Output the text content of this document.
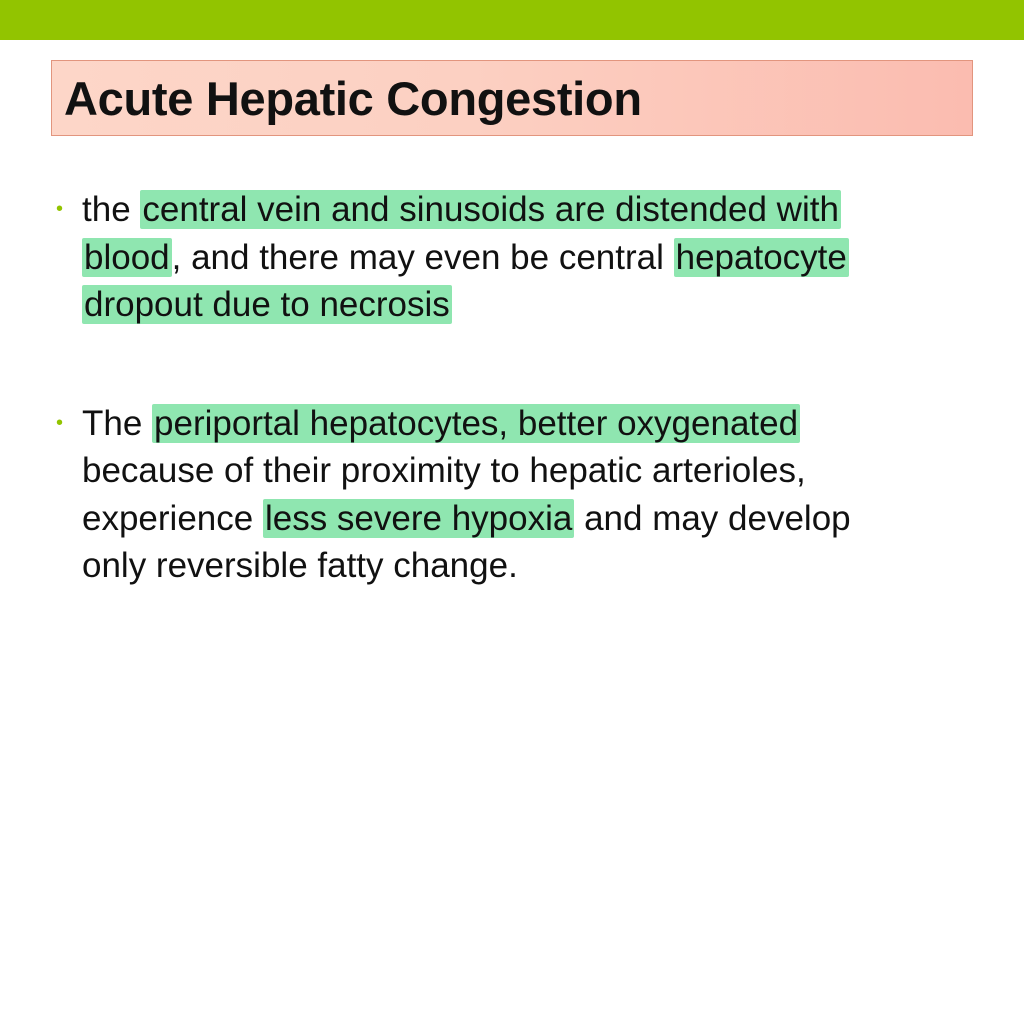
Acute Hepatic Congestion
• the central vein and sinusoids are distended with
blood, and there may even be central hepatocyte
dropout due to necrosis
• The periportal hepatocytes, better oxygenated
because of their proximity to hepatic arterioles,
experience less severe hypoxia and may develop
only reversible fatty change.
